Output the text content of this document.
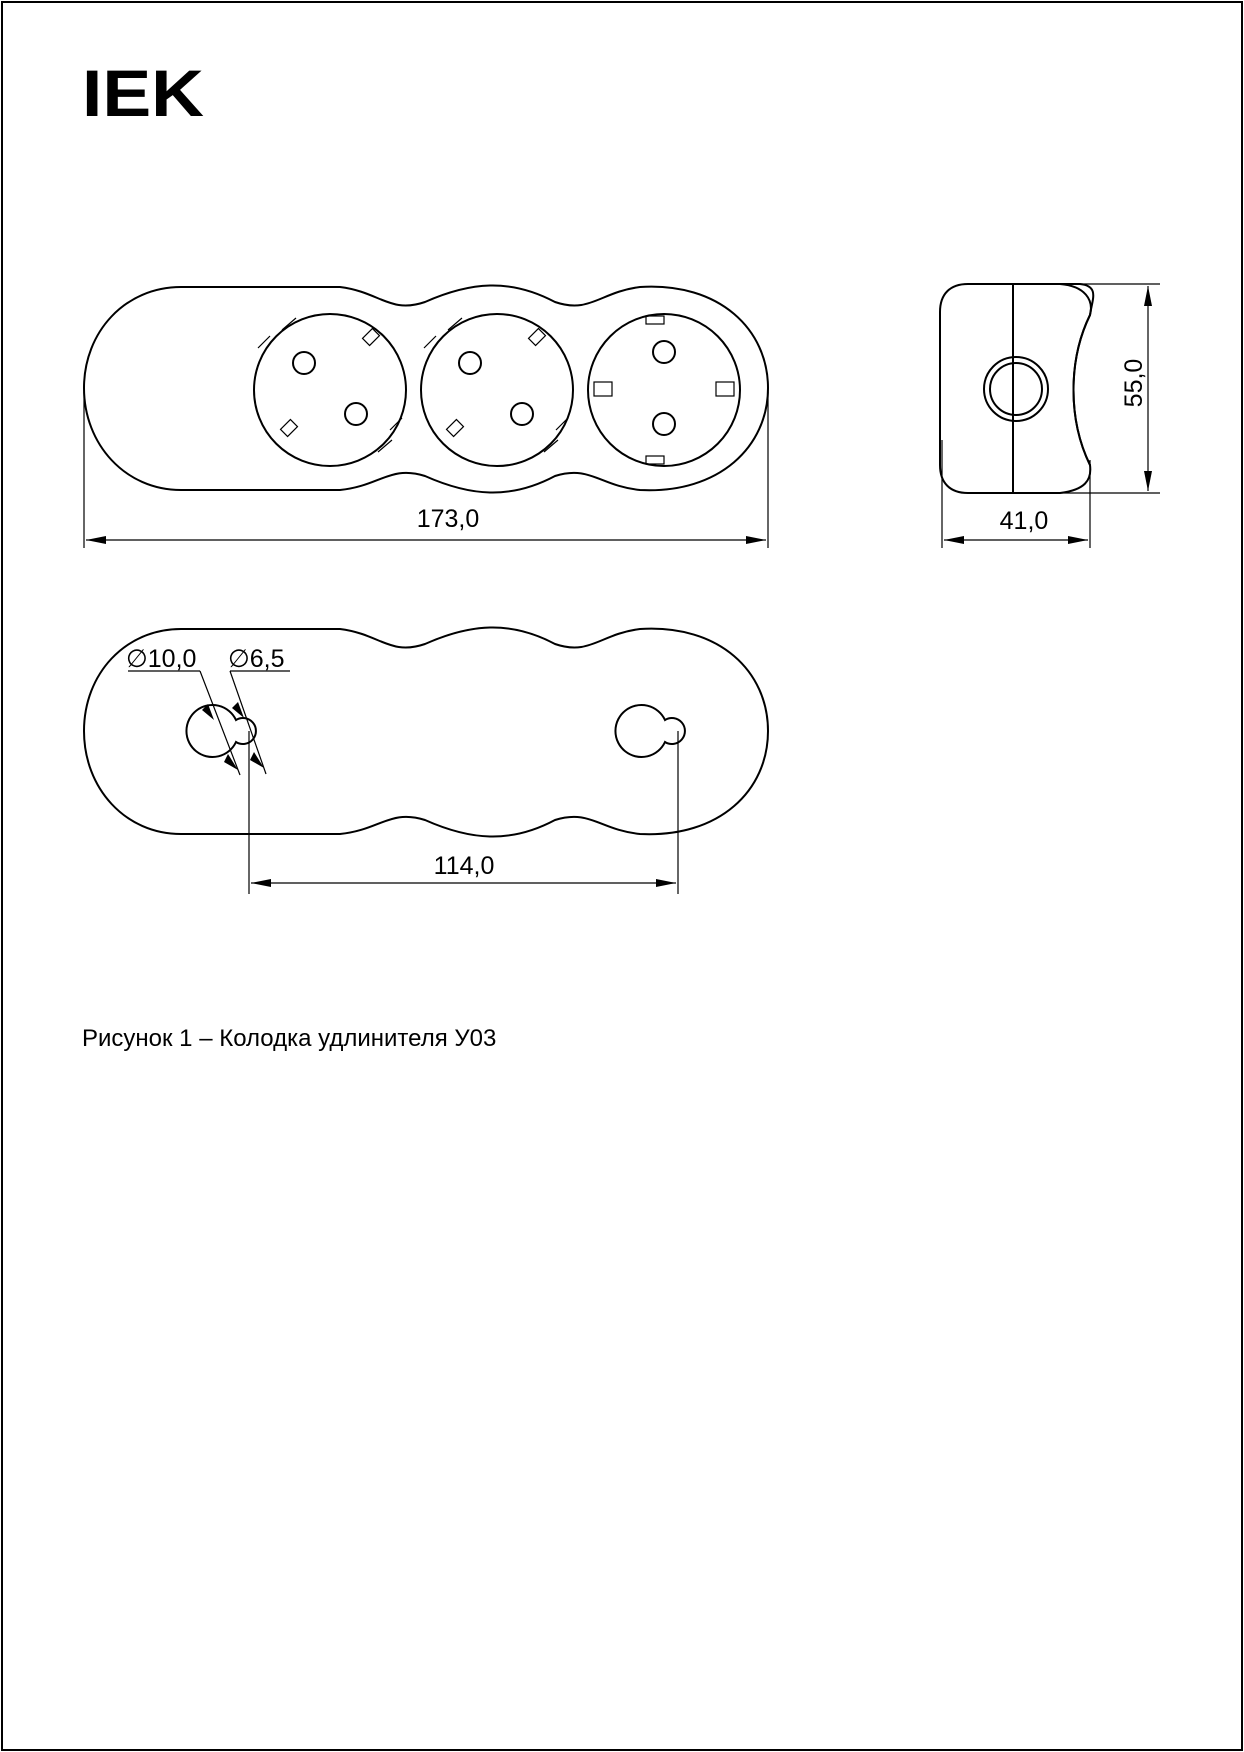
IEK
173,0
55,0
41,0
∅10,0 ∅6,5
114,0
Рисунок 1 – Колодка удлинителя У03
